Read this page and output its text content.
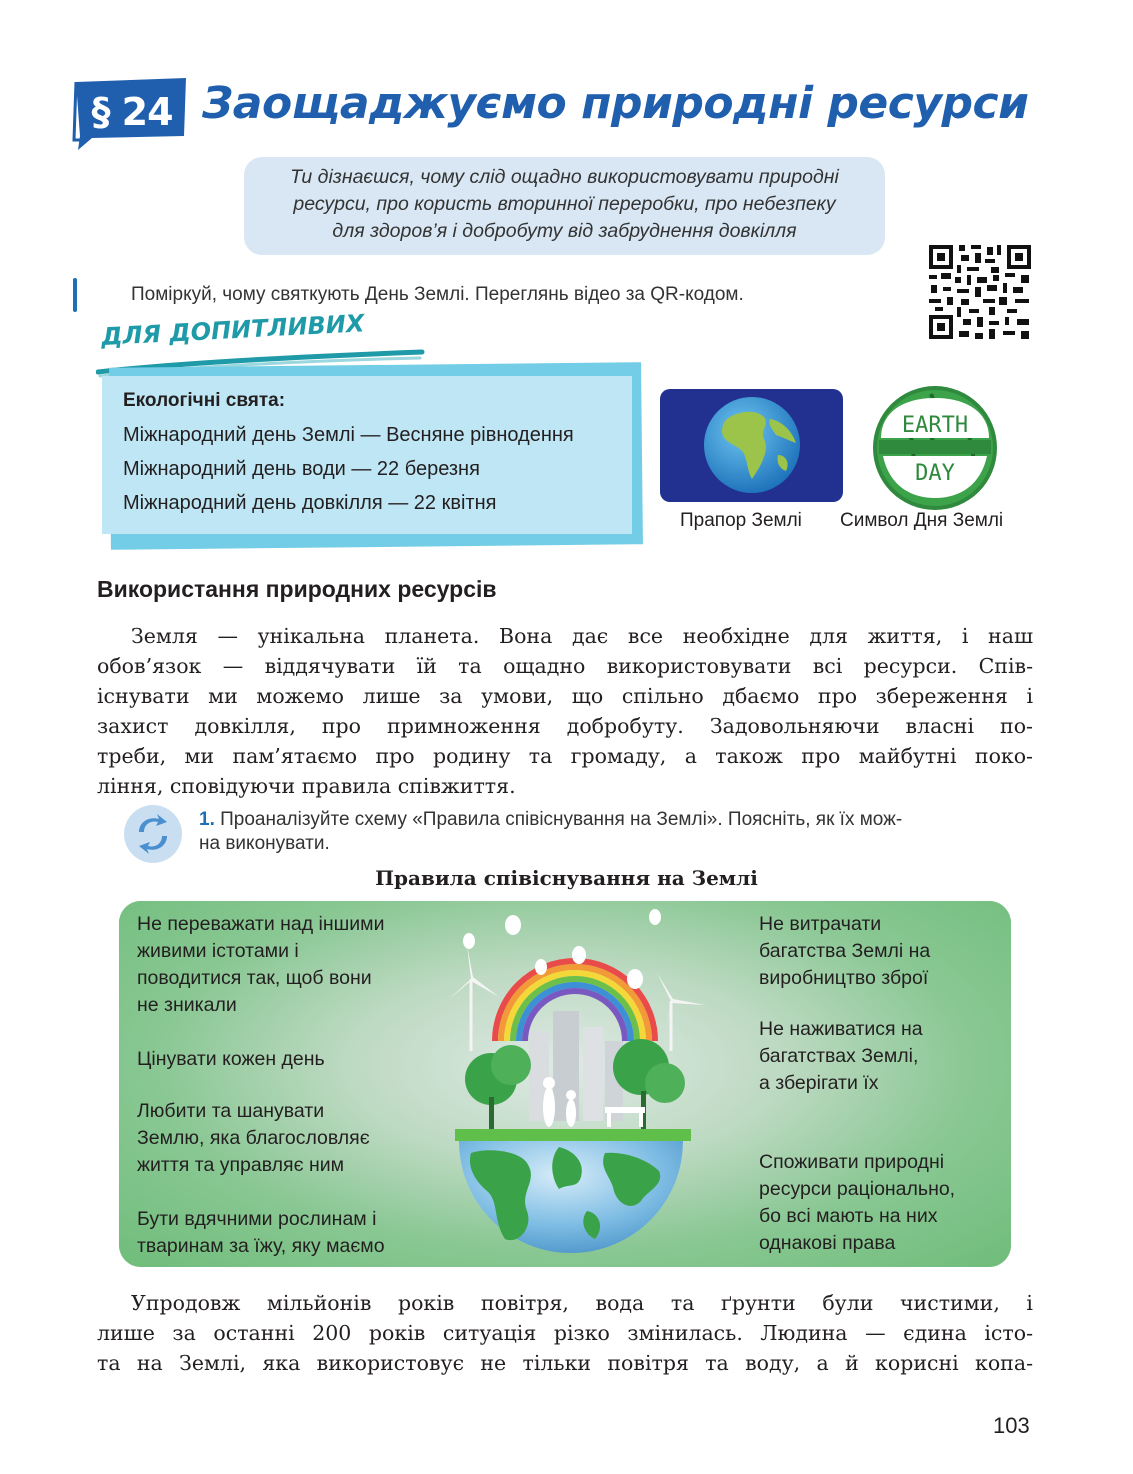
§ 24 Заощаджуємо природні ресурси
Ти дізнаєшся, чому слід ощадно використовувати природні
ресурси, про користь вторинної переробки, про небезпеку
для здоров’я і добробуту від забруднення довкілля
Поміркуй, чому святкують День Землі. Переглянь відео за QR-кодом.
ДЛЯ ДОПИТЛИВИХ
Екологічні свята:
Міжнародний день Землі — Весняне рівнодення
Міжнародний день води — 22 березня
Міжнародний день довкілля — 22 квітня
EARTH
DAY
Прапор Землі Символ Дня Землі
Використання природних ресурсів
Земля — унікальна планета. Вона дає все необхідне для життя, і наш
обов’язок — віддячувати їй та ощадно використовувати всі ресурси. Спів-
існувати ми можемо лише за умови, що спільно дбаємо про збереження і
захист довкілля, про примноження добробуту. Задовольняючи власні по-
треби, ми пам’ятаємо про родину та громаду, а також про майбутні поко-
ління, сповідуючи правила співжиття.
1. Проаналізуйте схему «Правила співіснування на Землі». Поясніть, як їх мож-
на виконувати.
Правила співіснування на Землі
Не переважати над іншими
живими істотами і
поводитися так, щоб вони
не зникали
Цінувати кожен день
Любити та шанувати
Землю, яка благословляє
життя та управляє ним
Бути вдячними рослинам і
тваринам за їжу, яку маємо
Не витрачати
багатства Землі на
виробництво зброї
Не наживатися на
багатствах Землі,
а зберігати їх
Споживати природні
ресурси раціонально,
бо всі мають на них
однакові права
Упродовж мільйонів років повітря, вода та ґрунти були чистими, і
лише за останні 200 років ситуація різко змінилась. Людина — єдина істо-
та на Землі, яка використовує не тільки повітря та воду, а й корисні копа-
103
